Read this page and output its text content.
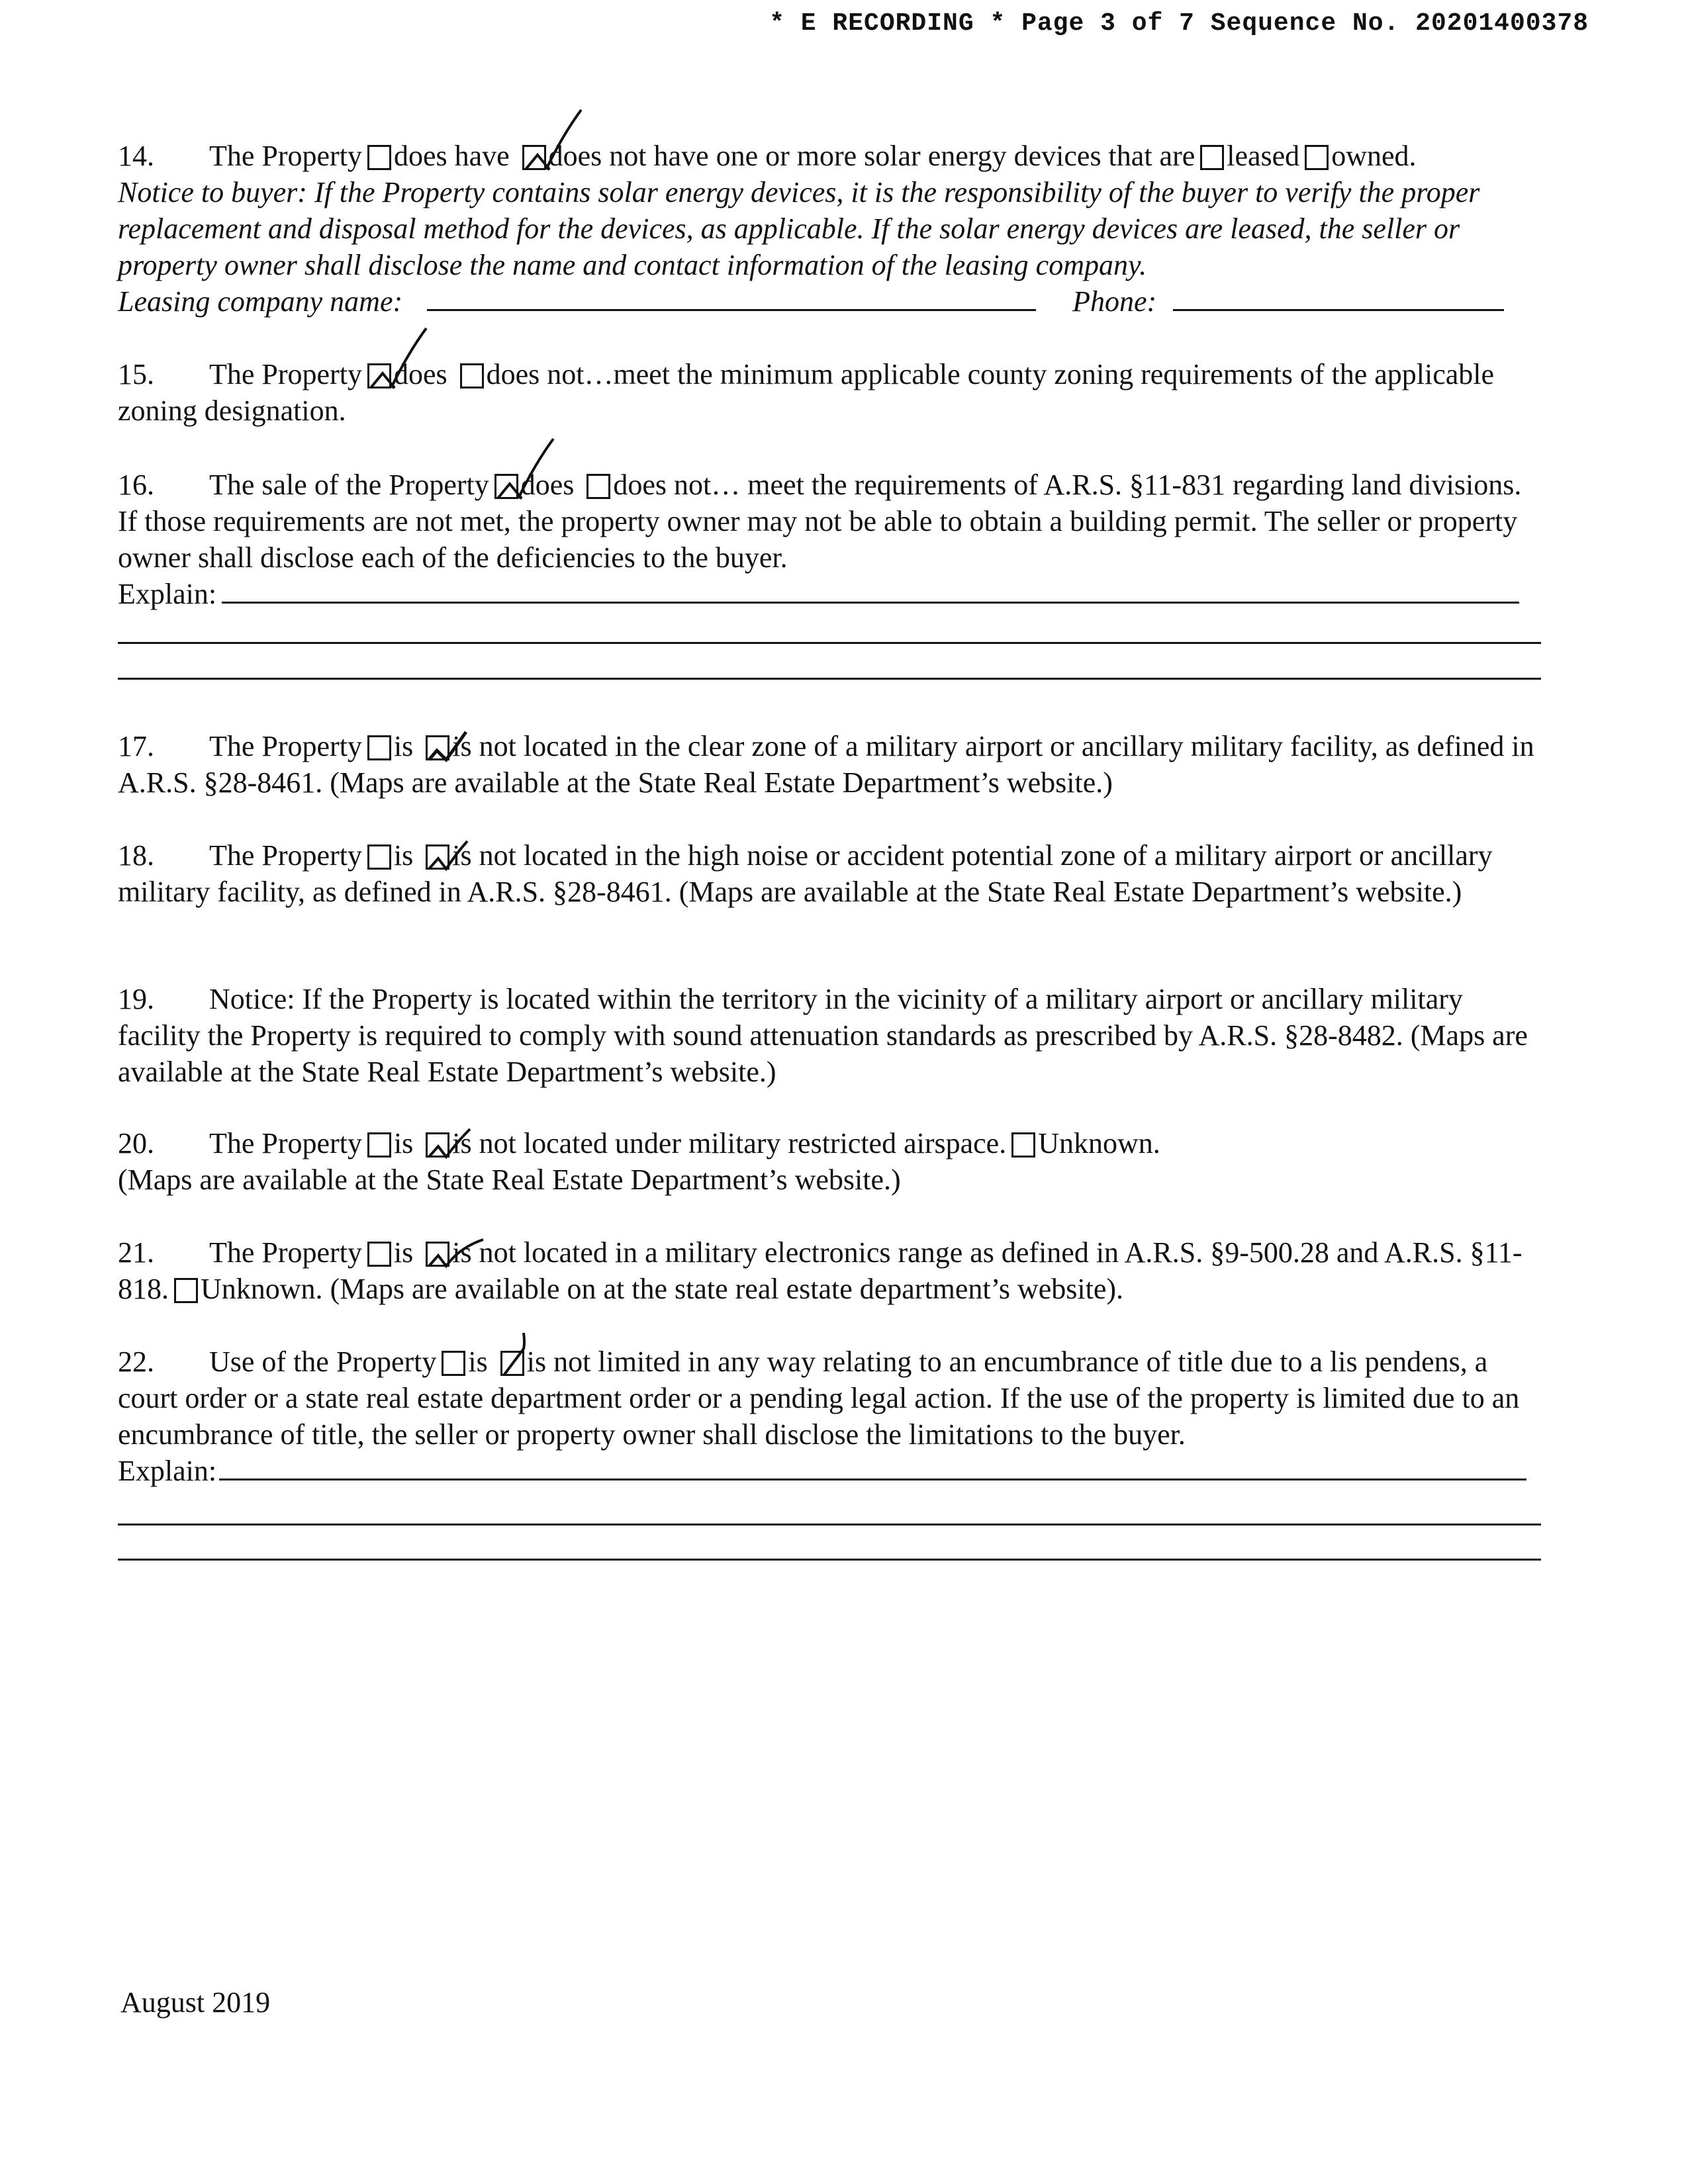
* E RECORDING * Page 3 of 7 Sequence No. 20201400378
14. The Property does have does not have one or more solar energy devices that are leased owned.
Notice to buyer: If the Property contains solar energy devices, it is the responsibility of the buyer to verify the proper replacement and disposal method for the devices, as applicable. If the solar energy devices are leased, the seller or property owner shall disclose the name and contact information of the leasing company.
Leasing company name:	Phone:
15. The Property does does not…meet the minimum applicable county zoning requirements of the applicable zoning designation.
16. The sale of the Property does does not… meet the requirements of A.R.S. §11-831 regarding land divisions. If those requirements are not met, the property owner may not be able to obtain a building permit. The seller or property owner shall disclose each of the deficiencies to the buyer.
Explain:
17. The Property is is not located in the clear zone of a military airport or ancillary military facility, as defined in A.R.S. §28-8461. (Maps are available at the State Real Estate Department’s website.)
18. The Property is is not located in the high noise or accident potential zone of a military airport or ancillary military facility, as defined in A.R.S. §28-8461. (Maps are available at the State Real Estate Department’s website.)
19. Notice: If the Property is located within the territory in the vicinity of a military airport or ancillary military facility the Property is required to comply with sound attenuation standards as prescribed by A.R.S. §28-8482. (Maps are available at the State Real Estate Department’s website.)
20. The Property is is not located under military restricted airspace. Unknown.
(Maps are available at the State Real Estate Department’s website.)
21. The Property is is not located in a military electronics range as defined in A.R.S. §9-500.28 and A.R.S. §11-818. Unknown. (Maps are available on at the state real estate department’s website).
22. Use of the Property is is not limited in any way relating to an encumbrance of title due to a lis pendens, a court order or a state real estate department order or a pending legal action. If the use of the property is limited due to an encumbrance of title, the seller or property owner shall disclose the limitations to the buyer.
Explain:
August 2019
